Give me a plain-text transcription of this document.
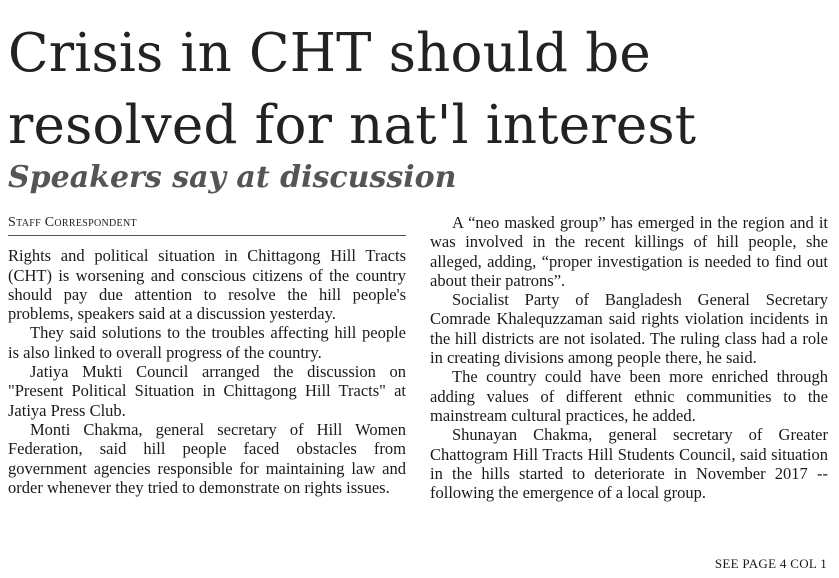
Crisis in CHT should be resolved for nat'l interest
Speakers say at discussion
Staff Correspondent

Rights and political situation in Chittagong Hill Tracts (CHT) is worsening and conscious citizens of the country should pay due attention to resolve the hill people's problems, speakers said at a discussion yesterday.

They said solutions to the troubles affecting hill people is also linked to overall progress of the country.

Jatiya Mukti Council arranged the discussion on "Present Political Situation in Chittagong Hill Tracts" at Jatiya Press Club.

Monti Chakma, general secretary of Hill Women Federation, said hill people faced obstacles from government agencies responsible for maintaining law and order whenever they tried to demonstrate on rights issues.

A “neo masked group” has emerged in the region and it was involved in the recent killings of hill people, she alleged, adding, “proper investigation is needed to find out about their patrons”.

Socialist Party of Bangladesh General Secretary Comrade Khalequzzaman said rights violation incidents in the hill districts are not isolated. The ruling class had a role in creating divisions among people there, he said.

The country could have been more enriched through adding values of different ethnic communities to the mainstream cultural practices, he added.

Shunayan Chakma, general secretary of Greater Chattogram Hill Tracts Hill Students Council, said situation in the hills started to deteriorate in November 2017 -- following the emergence of a local group.

SEE PAGE 4 COL 1
